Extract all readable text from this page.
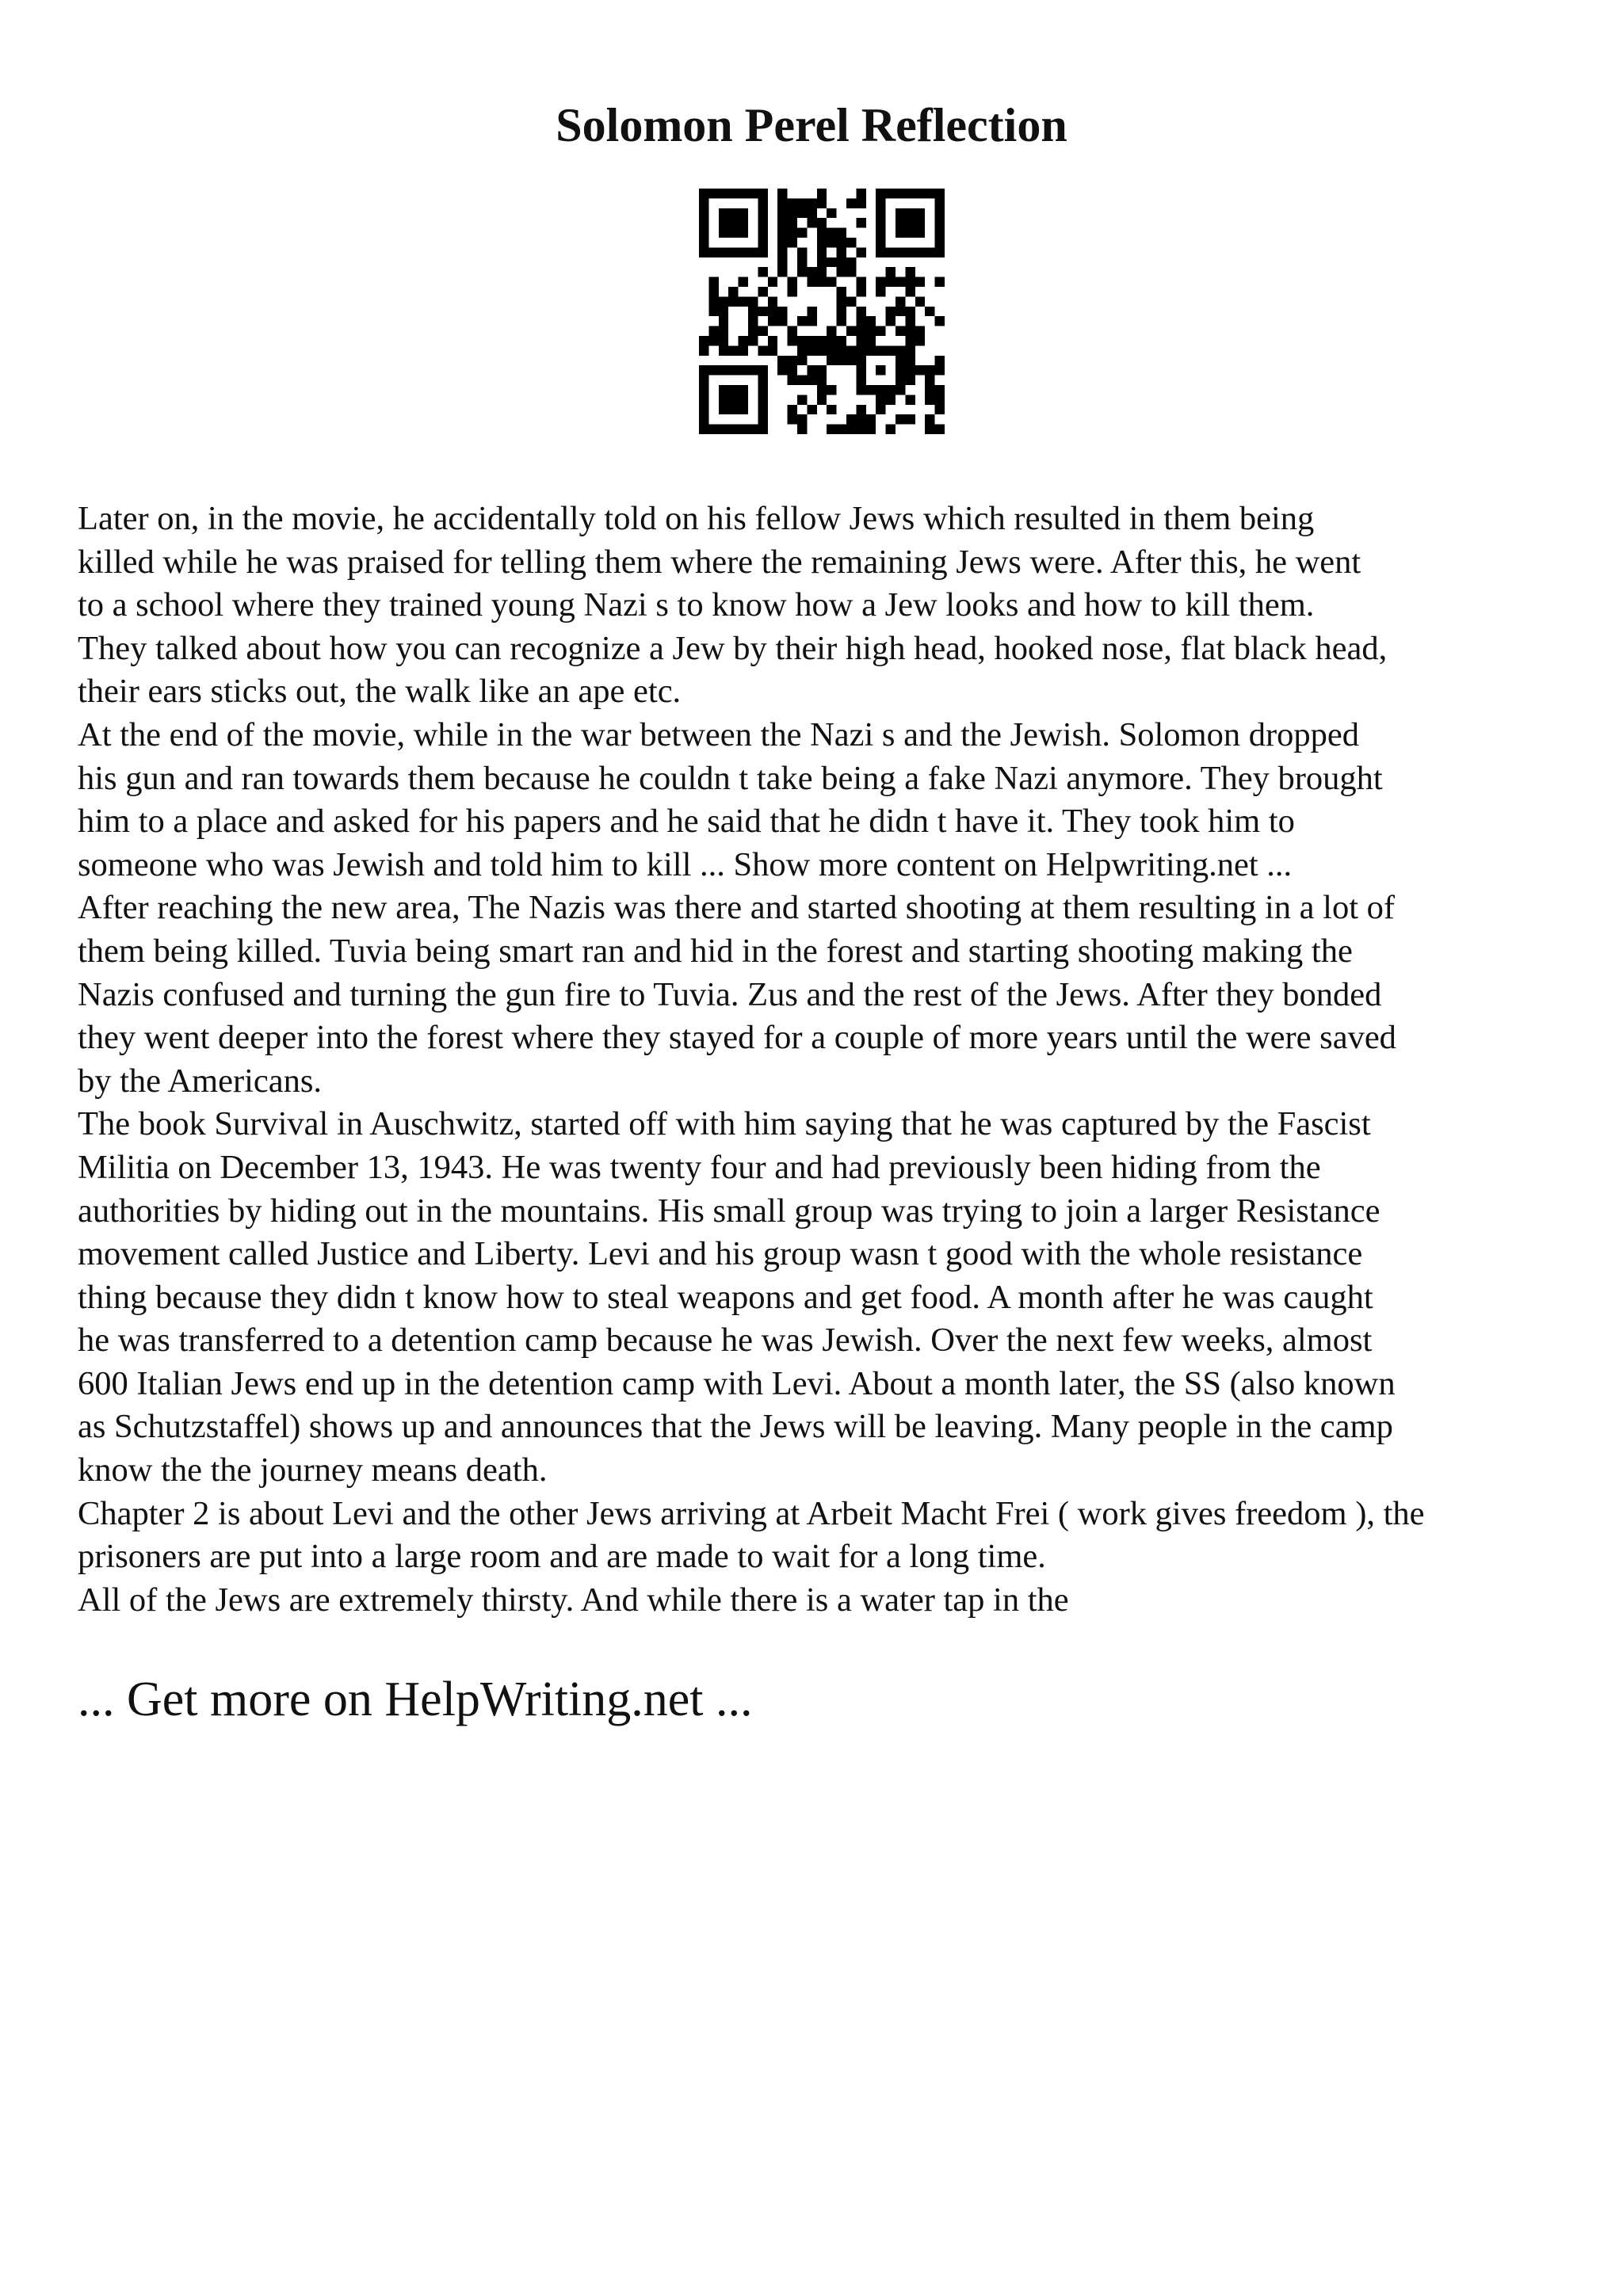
Solomon Perel Reflection
Later on, in the movie, he accidentally told on his fellow Jews which resulted in them being
killed while he was praised for telling them where the remaining Jews were. After this, he went
to a school where they trained young Nazi s to know how a Jew looks and how to kill them.
They talked about how you can recognize a Jew by their high head, hooked nose, flat black head,
their ears sticks out, the walk like an ape etc.
At the end of the movie, while in the war between the Nazi s and the Jewish. Solomon dropped
his gun and ran towards them because he couldn t take being a fake Nazi anymore. They brought
him to a place and asked for his papers and he said that he didn t have it. They took him to
someone who was Jewish and told him to kill ... Show more content on Helpwriting.net ...
After reaching the new area, The Nazis was there and started shooting at them resulting in a lot of
them being killed. Tuvia being smart ran and hid in the forest and starting shooting making the
Nazis confused and turning the gun fire to Tuvia. Zus and the rest of the Jews. After they bonded
they went deeper into the forest where they stayed for a couple of more years until the were saved
by the Americans.
The book Survival in Auschwitz, started off with him saying that he was captured by the Fascist
Militia on December 13, 1943. He was twenty four and had previously been hiding from the
authorities by hiding out in the mountains. His small group was trying to join a larger Resistance
movement called Justice and Liberty. Levi and his group wasn t good with the whole resistance
thing because they didn t know how to steal weapons and get food. A month after he was caught
he was transferred to a detention camp because he was Jewish. Over the next few weeks, almost
600 Italian Jews end up in the detention camp with Levi. About a month later, the SS (also known
as Schutzstaffel) shows up and announces that the Jews will be leaving. Many people in the camp
know the the journey means death.
Chapter 2 is about Levi and the other Jews arriving at Arbeit Macht Frei ( work gives freedom ), the
prisoners are put into a large room and are made to wait for a long time.
All of the Jews are extremely thirsty. And while there is a water tap in the
... Get more on HelpWriting.net ...
